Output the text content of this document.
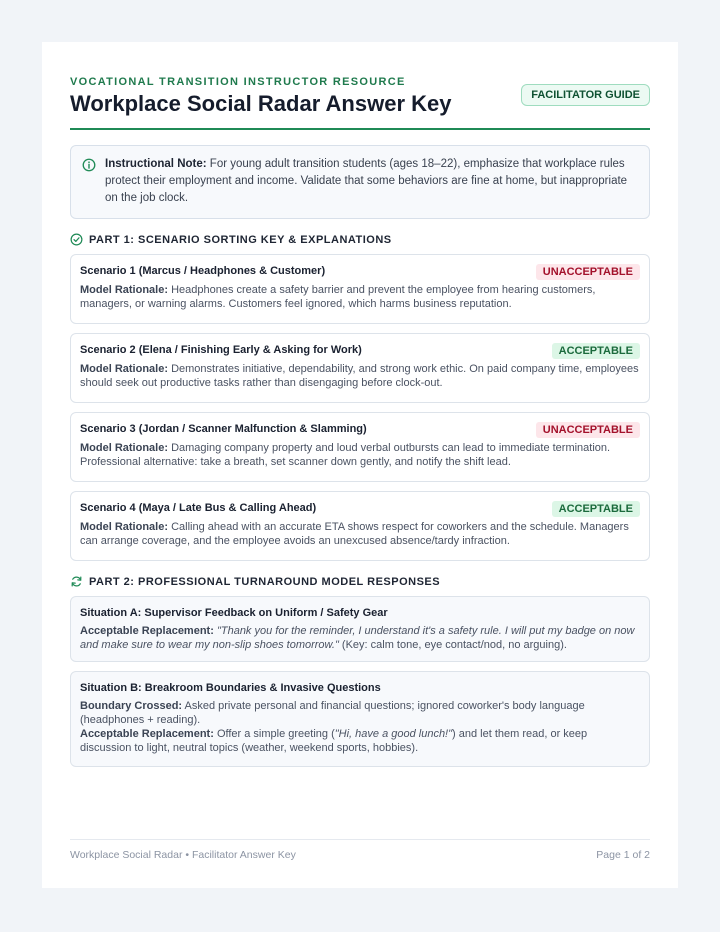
VOCATIONAL TRANSITION INSTRUCTOR RESOURCE
Workplace Social Radar Answer Key	FACILITATOR GUIDE
Instructional Note: For young adult transition students (ages 18–22), emphasize that workplace rules protect their employment and income. Validate that some behaviors are fine at home, but inappropriate on the job clock.
PART 1: SCENARIO SORTING KEY & EXPLANATIONS
Scenario 1 (Marcus / Headphones & Customer)	UNACCEPTABLE
Model Rationale: Headphones create a safety barrier and prevent the employee from hearing customers, managers, or warning alarms. Customers feel ignored, which harms business reputation.
Scenario 2 (Elena / Finishing Early & Asking for Work)	ACCEPTABLE
Model Rationale: Demonstrates initiative, dependability, and strong work ethic. On paid company time, employees should seek out productive tasks rather than disengaging before clock-out.
Scenario 3 (Jordan / Scanner Malfunction & Slamming)	UNACCEPTABLE
Model Rationale: Damaging company property and loud verbal outbursts can lead to immediate termination. Professional alternative: take a breath, set scanner down gently, and notify the shift lead.
Scenario 4 (Maya / Late Bus & Calling Ahead)	ACCEPTABLE
Model Rationale: Calling ahead with an accurate ETA shows respect for coworkers and the schedule. Managers can arrange coverage, and the employee avoids an unexcused absence/tardy infraction.
PART 2: PROFESSIONAL TURNAROUND MODEL RESPONSES
Situation A: Supervisor Feedback on Uniform / Safety Gear
Acceptable Replacement: "Thank you for the reminder, I understand it's a safety rule. I will put my badge on now and make sure to wear my non-slip shoes tomorrow." (Key: calm tone, eye contact/nod, no arguing).
Situation B: Breakroom Boundaries & Invasive Questions
Boundary Crossed: Asked private personal and financial questions; ignored coworker's body language (headphones + reading).
Acceptable Replacement: Offer a simple greeting ("Hi, have a good lunch!") and let them read, or keep discussion to light, neutral topics (weather, weekend sports, hobbies).
Workplace Social Radar • Facilitator Answer Key	Page 1 of 2
